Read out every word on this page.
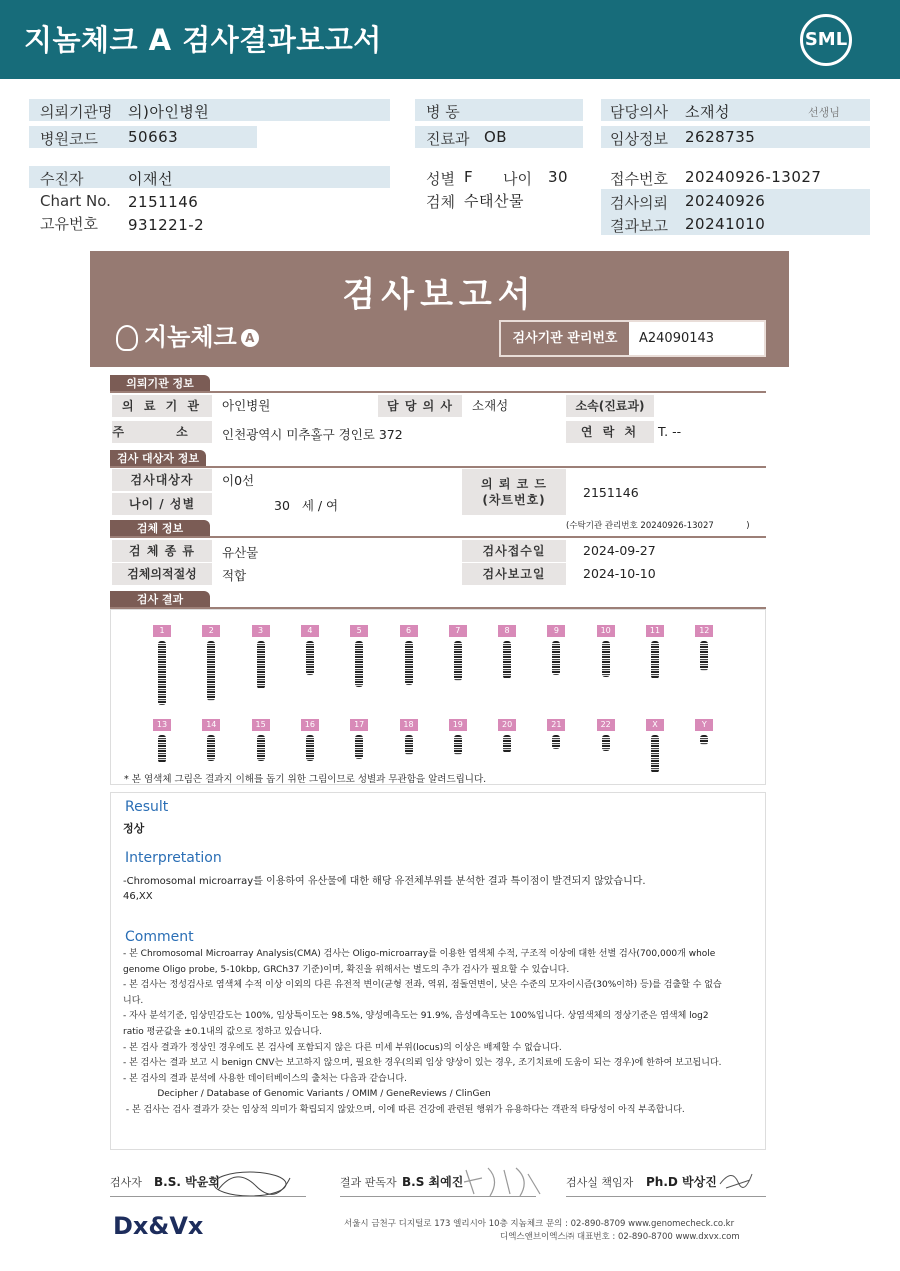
지놈체크 A 검사결과보고서	SML
의뢰기관명 의)아인병원
병원코드 50663
병 동
진료과 OB
담당의사 소재성	선생님
임상정보 2628735
수진자	이재선
Chart No. 2151146
고유번호 931221-2
성별 F 나이 30
검체 수태산물
접수번호 20240926-13027
검사의뢰 20240926
결과보고 20241010
검사보고서
지놈체크 A	검사기관 관리번호	A24090143
의뢰기관 정보
의 료 기 관	아인병원	담 당 의 사	소재성	소속(진료과)
주 소 인천광역시 미추홀구 경인로 372	연 락 처	T. --
검사 대상자 정보
검사대상자	이0선
나이 / 성별	30   세 / 여
의 뢰 코 드
(차트번호)	2151146
(수탁기관 관리번호 20240926-13027            )
검체 정보
검 체 종 류	유산물	검사접수일	2024-09-27
검체의적절성	적합	검사보고일	2024-10-10
검사 결과
1	2	3	4	5	6	7	8	9	10	11	12
13	14	15	16	17	18	19	20	21	22	X	Y
* 본 염색체 그림은 결과지 이해를 돕기 위한 그림이므로 성별과 무관함을 알려드립니다.
Result
정상
Interpretation
-Chromosomal microarray를 이용하여 유산물에 대한 해당 유전체부위를 분석한 결과 특이점이 발견되지 않았습니다.
46,XX
Comment
- 본 Chromosomal Microarray Analysis(CMA) 검사는 Oligo-microarray를 이용한 염색체 수적, 구조적 이상에 대한 선별 검사(700,000개 whole
genome Oligo probe, 5-10kbp, GRCh37 기준)이며, 확진을 위해서는 별도의 추가 검사가 필요할 수 있습니다.
- 본 검사는 정성검사로 염색체 수적 이상 이외의 다른 유전적 변이(균형 전좌, 역위, 점돌연변이, 낮은 수준의 모자이시즘(30%이하) 등)를 검출할 수 없습
니다.
- 자사 분석기준, 임상민감도는 100%, 임상특이도는 98.5%, 양성예측도는 91.9%, 음성예측도는 100%입니다. 상염색체의 정상기준은 염색체 log2
ratio 평균값을 ±0.1내의 값으로 정하고 있습니다.
- 본 검사 결과가 정상인 경우에도 본 검사에 포함되지 않은 다른 미세 부위(locus)의 이상은 배제할 수 없습니다.
- 본 검사는 결과 보고 시 benign CNV는 보고하지 않으며, 필요한 경우(의뢰 임상 양상이 있는 경우, 조기치료에 도움이 되는 경우)에 한하여 보고됩니다.
- 본 검사의 결과 분석에 사용한 데이터베이스의 출처는 다음과 같습니다.
Decipher / Database of Genomic Variants / OMIM / GeneReviews / ClinGen
- 본 검사는 검사 결과가 갖는 임상적 의미가 확립되지 않았으며, 이에 따른 건강에 관련된 행위가 유용하다는 객관적 타당성이 아직 부족합니다.
검사자 B.S. 박윤희	결과 판독자 B.S 최예진	검사실 책임자 Ph.D 박상진
Dx&Vx	서울시 금천구 디지털로 173 엘리시아 10층 지놈체크 문의 : 02-890-8709 www.genomecheck.co.kr
디엑스앤브이엑스㈜ 대표번호 : 02-890-8700 www.dxvx.com
